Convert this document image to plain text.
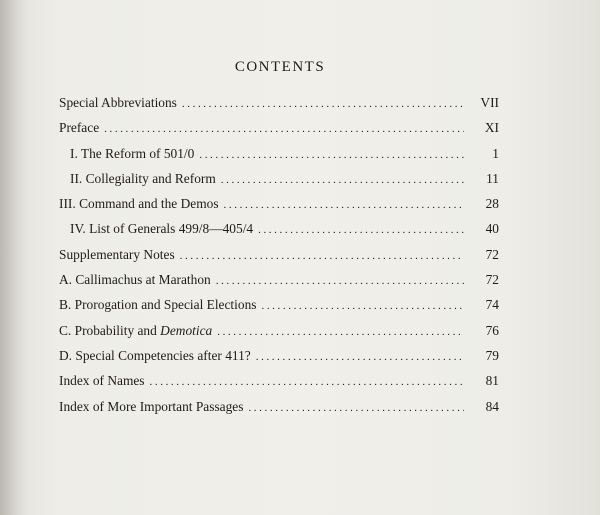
CONTENTS
Special Abbreviations .....	VII
Preface .....	XI
I. The Reform of 501/0 .....	1
II. Collegiality and Reform .....	11
III. Command and the Demos .....	28
IV. List of Generals 499/8—405/4 .....	40
Supplementary Notes .....	72
A. Callimachus at Marathon .....	72
B. Prorogation and Special Elections .....	74
C. Probability and Demotica .....	76
D. Special Competencies after 411? .....	79
Index of Names .....	81
Index of More Important Passages .....	84
